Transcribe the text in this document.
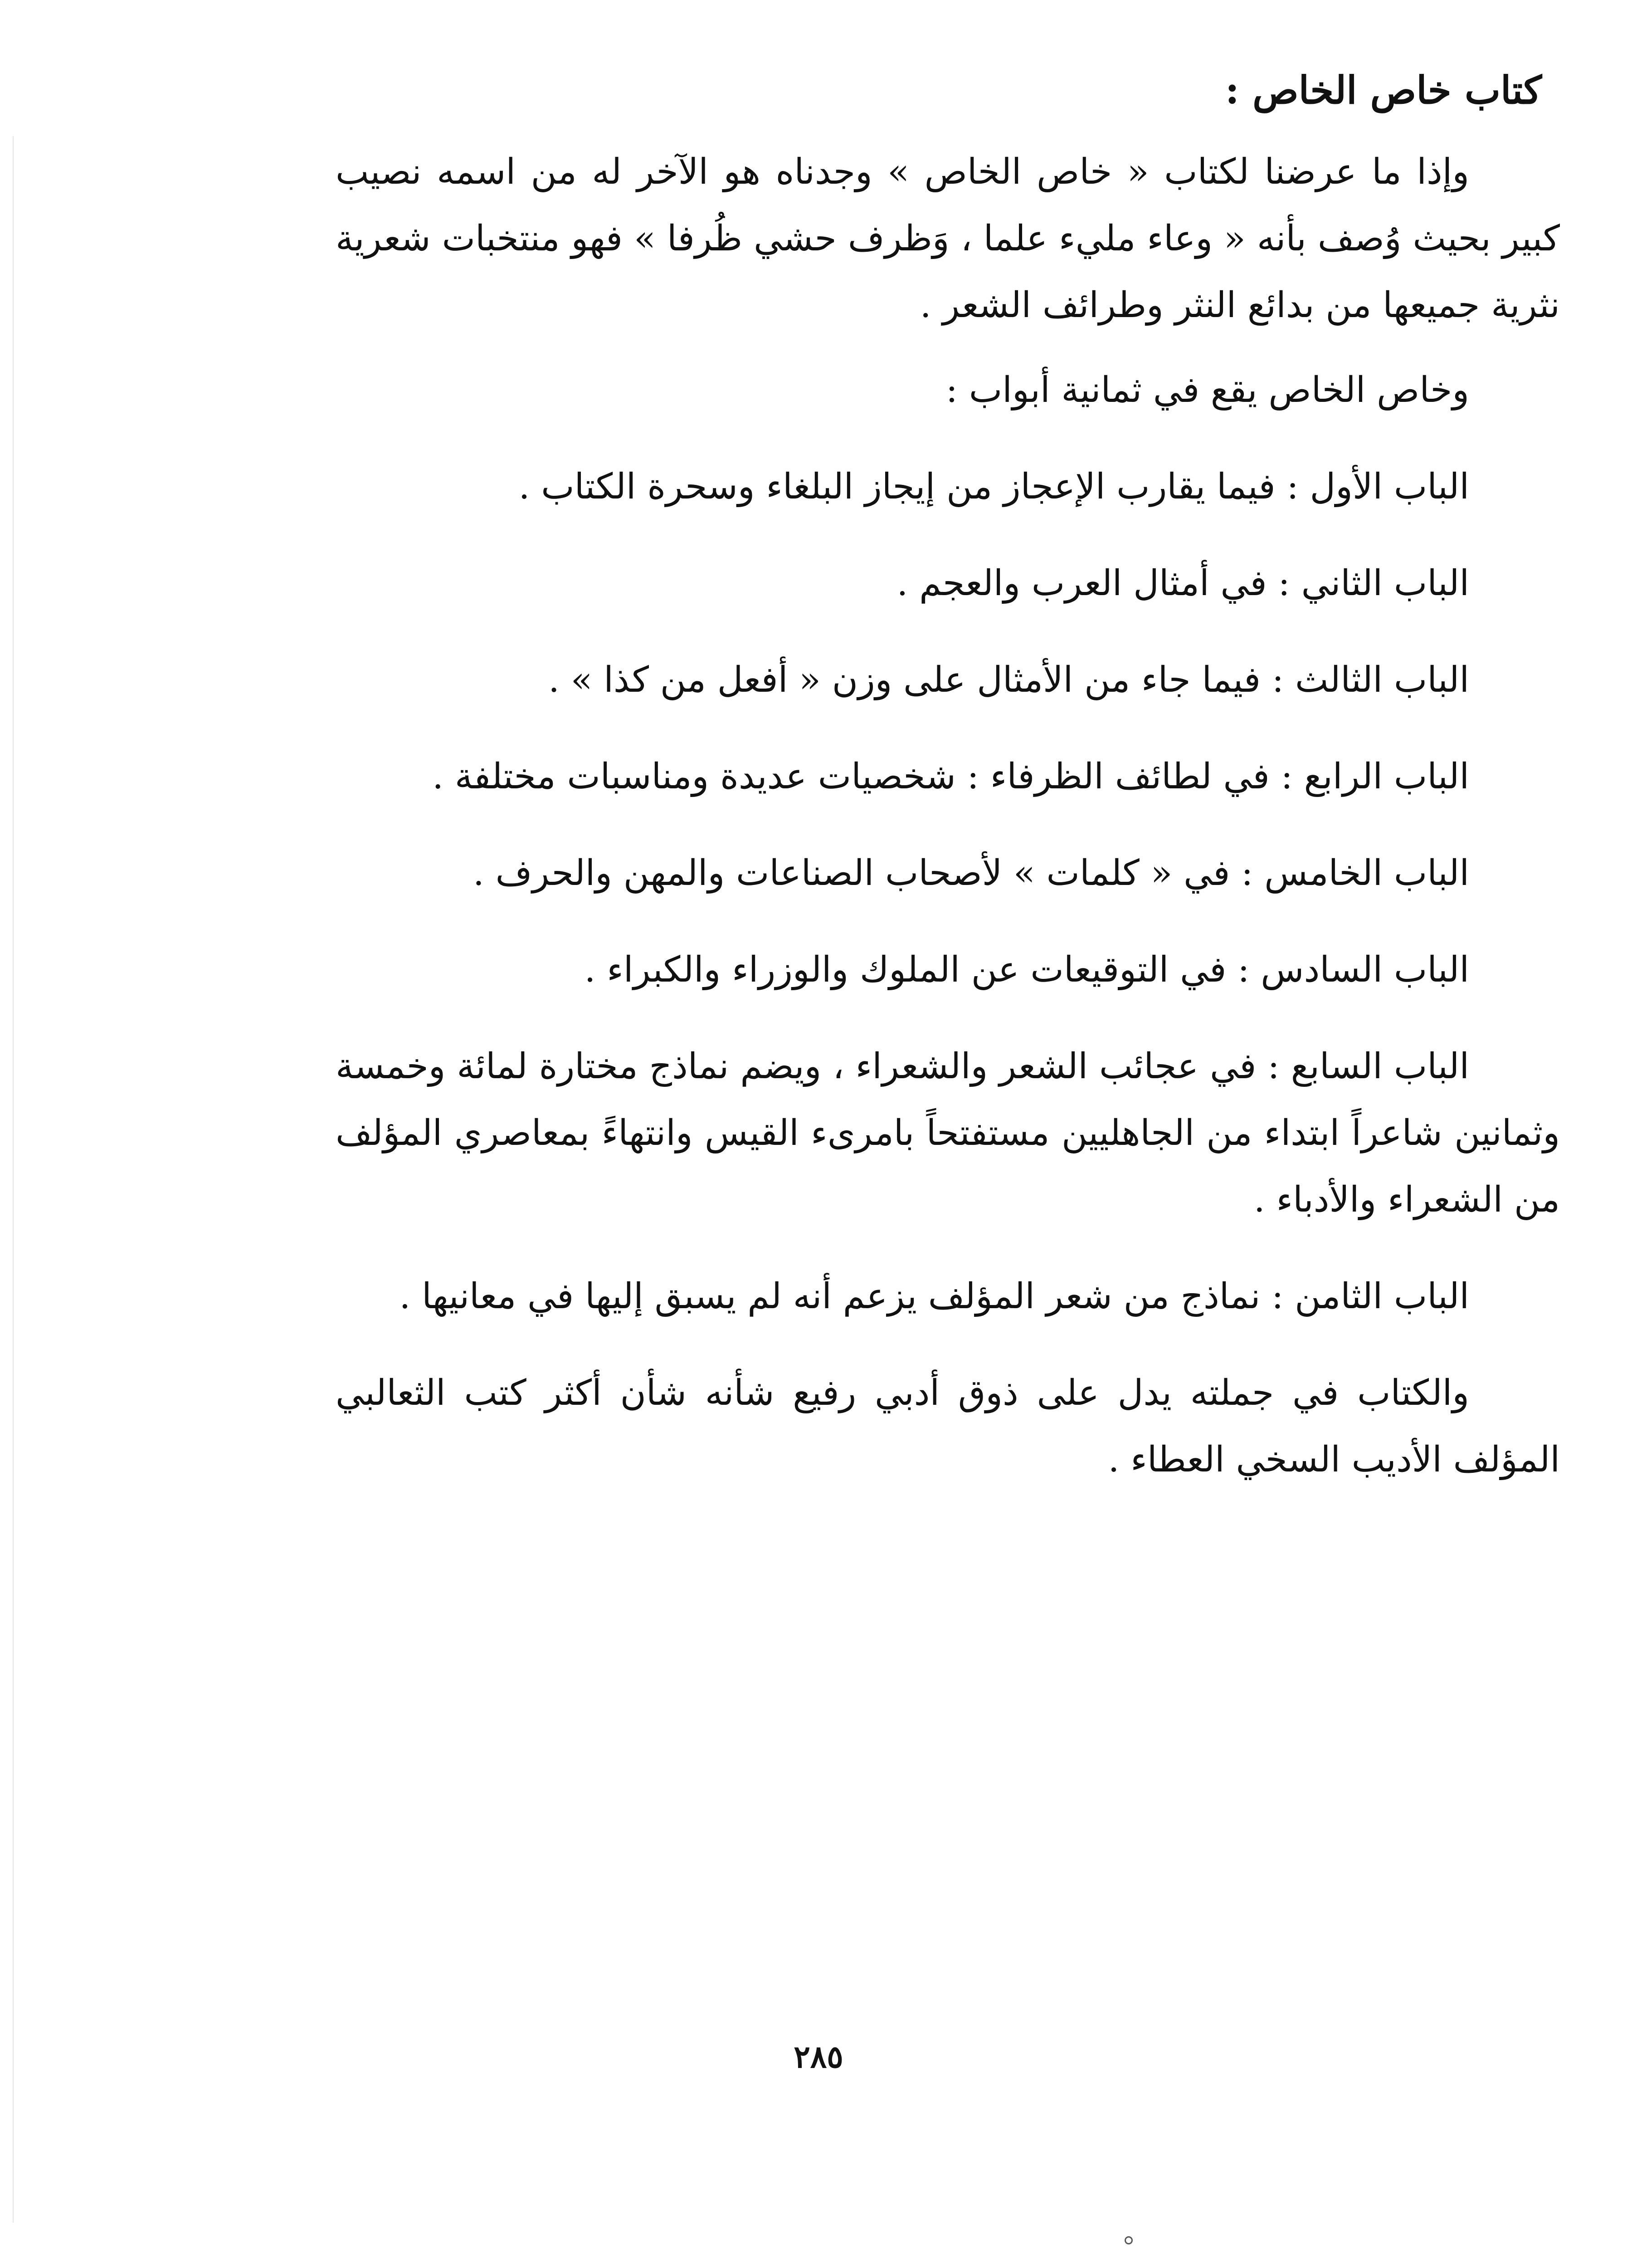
كتاب خاص الخاص :

وإذا ما عرضنا لكتاب « خاص الخاص » وجدناه هو الآخر له من اسمه نصيب كبير بحيث وُصف بأنه « وعاء مليء علما ، وَظرف حشي ظُرفا » فهو منتخبات شعرية نثرية جميعها من بدائع النثر وطرائف الشعر .

وخاص الخاص يقع في ثمانية أبواب :

الباب الأول : فيما يقارب الإعجاز من إيجاز البلغاء وسحرة الكتاب .

الباب الثاني : في أمثال العرب والعجم .

الباب الثالث : فيما جاء من الأمثال على وزن « أفعل من كذا » .

الباب الرابع : في لطائف الظرفاء : شخصيات عديدة ومناسبات مختلفة .

الباب الخامس : في « كلمات » لأصحاب الصناعات والمهن والحرف .

الباب السادس : في التوقيعات عن الملوك والوزراء والكبراء .

الباب السابع : في عجائب الشعر والشعراء ، ويضم نماذج مختارة لمائة وخمسة وثمانين شاعراً ابتداء من الجاهليين مستفتحاً بامرىء القيس وانتهاءً بمعاصري المؤلف من الشعراء والأدباء .

الباب الثامن : نماذج من شعر المؤلف يزعم أنه لم يسبق إليها في معانيها .

والكتاب في جملته يدل على ذوق أدبي رفيع شأنه شأن أكثر كتب الثعالبي المؤلف الأديب السخي العطاء .

٢٨٥
